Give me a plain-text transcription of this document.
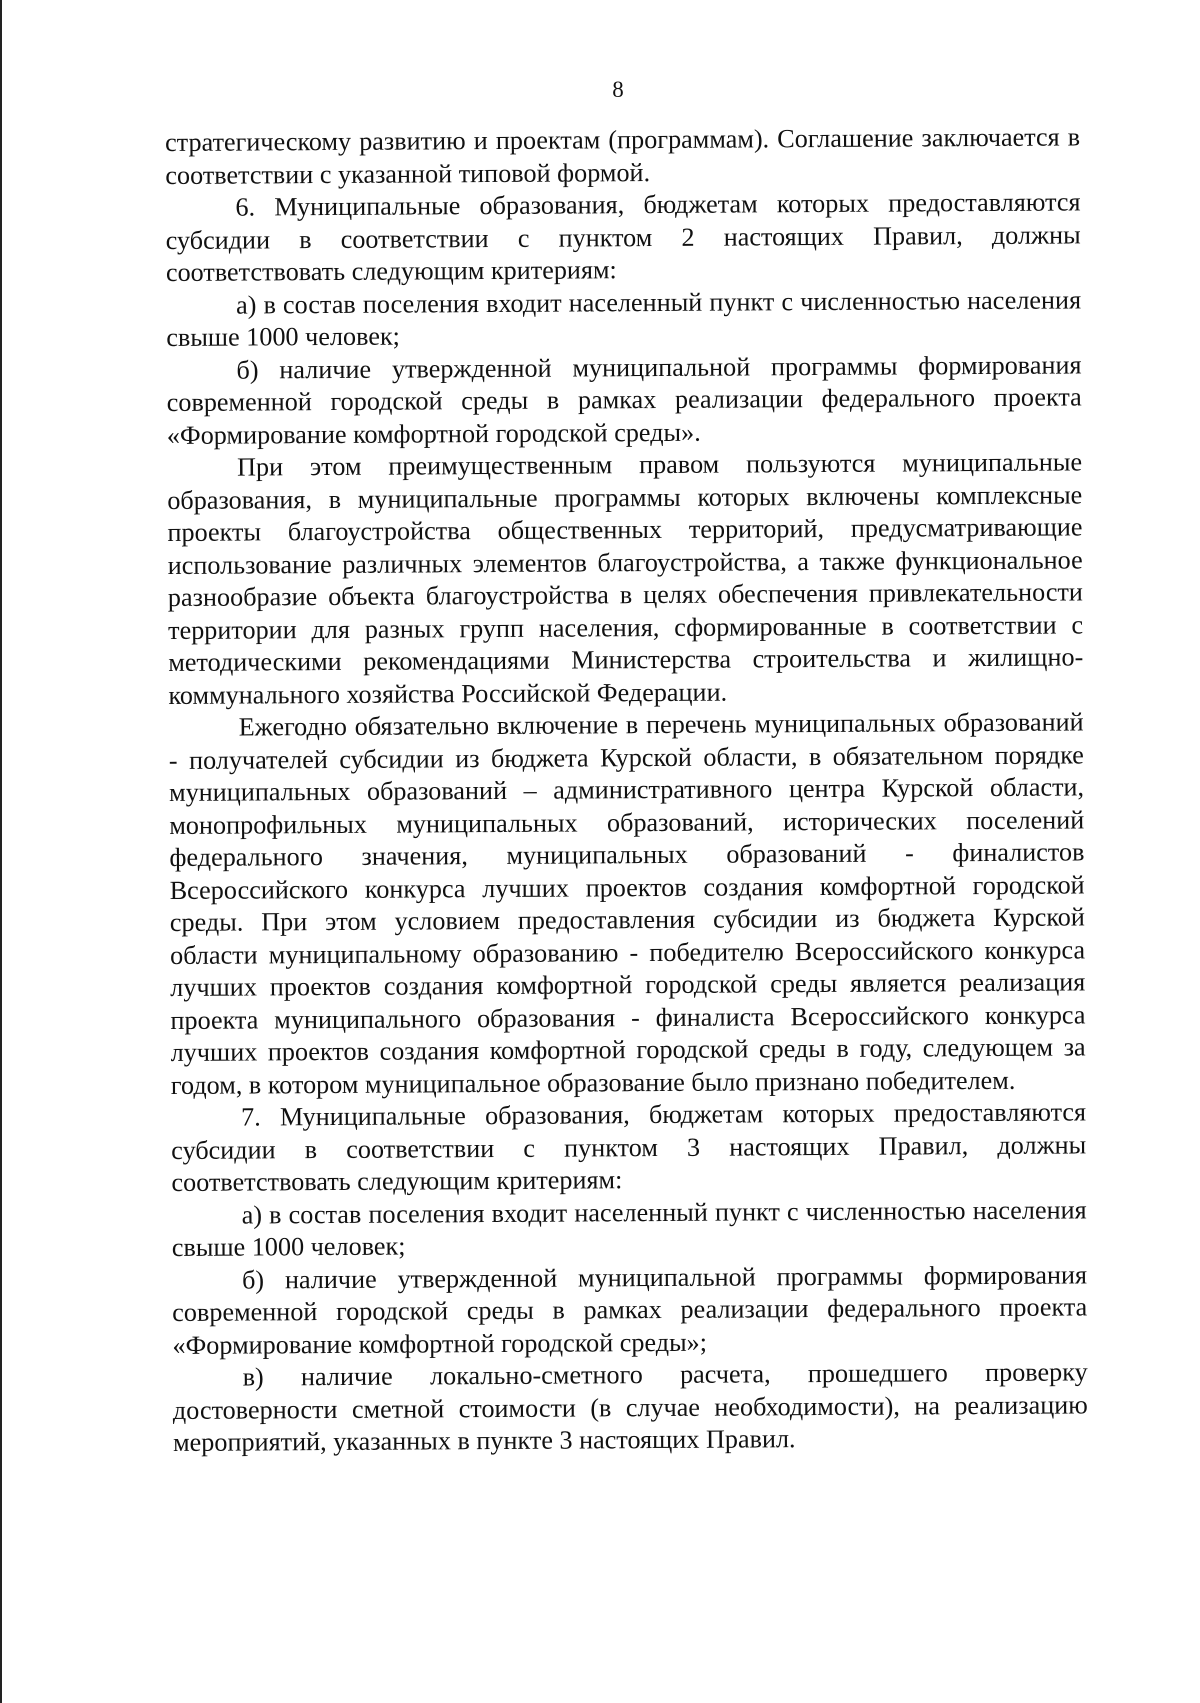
8

стратегическому развитию и проектам (программам). Соглашение заключается в соответствии с указанной типовой формой.

6. Муниципальные образования, бюджетам которых предоставляются субсидии в соответствии с пунктом 2 настоящих Правил, должны соответствовать следующим критериям:

а) в состав поселения входит населенный пункт с численностью населения свыше 1000 человек;

б) наличие утвержденной муниципальной программы формирования современной городской среды в рамках реализации федерального проекта «Формирование комфортной городской среды».

При этом преимущественным правом пользуются муниципальные образования, в муниципальные программы которых включены комплексные проекты благоустройства общественных территорий, предусматривающие использование различных элементов благоустройства, а также функциональное разнообразие объекта благоустройства в целях обеспечения привлекательности территории для разных групп населения, сформированные в соответствии с методическими рекомендациями Министерства строительства и жилищно-коммунального хозяйства Российской Федерации.

Ежегодно обязательно включение в перечень муниципальных образований - получателей субсидии из бюджета Курской области, в обязательном порядке муниципальных образований – административного центра Курской области, монопрофильных муниципальных образований, исторических поселений федерального значения, муниципальных образований - финалистов Всероссийского конкурса лучших проектов создания комфортной городской среды. При этом условием предоставления субсидии из бюджета Курской области муниципальному образованию - победителю Всероссийского конкурса лучших проектов создания комфортной городской среды является реализация проекта муниципального образования - финалиста Всероссийского конкурса лучших проектов создания комфортной городской среды в году, следующем за годом, в котором муниципальное образование было признано победителем.

7. Муниципальные образования, бюджетам которых предоставляются субсидии в соответствии с пунктом 3 настоящих Правил, должны соответствовать следующим критериям:

а) в состав поселения входит населенный пункт с численностью населения свыше 1000 человек;

б) наличие утвержденной муниципальной программы формирования современной городской среды в рамках реализации федерального проекта «Формирование комфортной городской среды»;

в) наличие локально-сметного расчета, прошедшего проверку достоверности сметной стоимости (в случае необходимости), на реализацию мероприятий, указанных в пункте 3 настоящих Правил.
